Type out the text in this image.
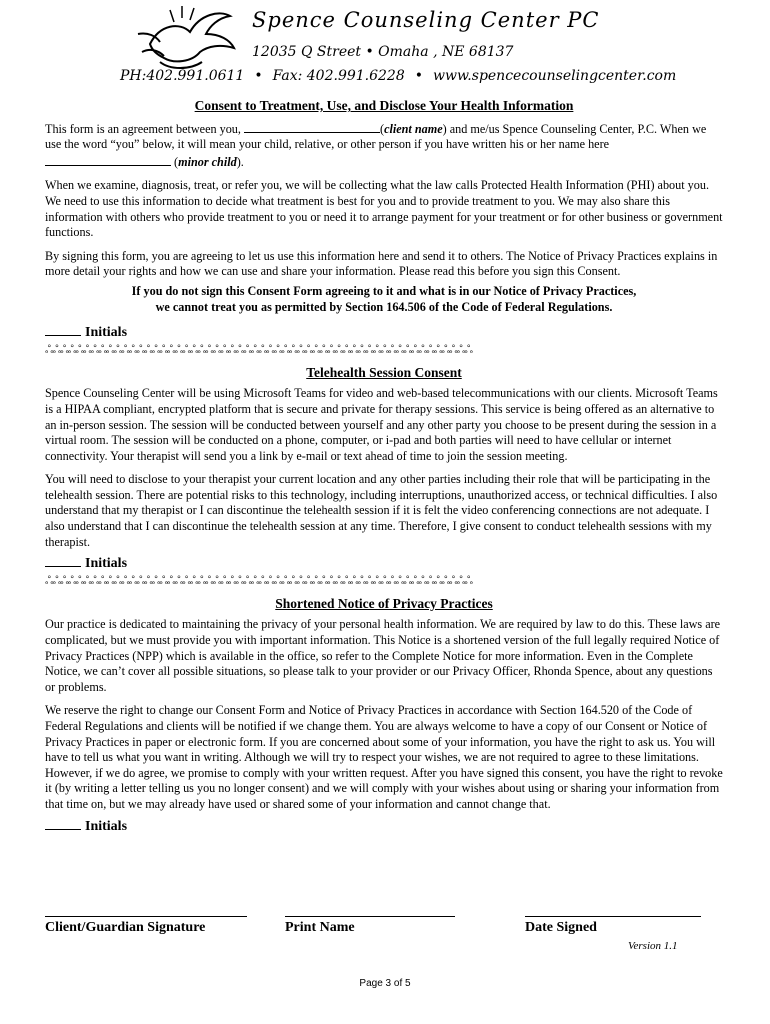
Spence Counseling Center PC
12035 Q Street • Omaha , NE 68137
PH:402.991.0611 • Fax: 402.991.6228 • www.spencecounselingcenter.com
Consent to Treatment, Use, and Disclose Your Health Information

This form is an agreement between you,	(client name) and me/us Spence Counseling Center, P.C. When we use the word “you” below, it will mean your child, relative, or other person if you have written his or her name here  (minor child).

When we examine, diagnosis, treat, or refer you, we will be collecting what the law calls Protected Health Information (PHI) about you. We need to use this information to decide what treatment is best for you and to provide treatment to you. We may also share this information with others who provide treatment to you or need it to arrange payment for your treatment or for other business or government functions.

By signing this form, you are agreeing to let us use this information here and send it to others. The Notice of Privacy Practices explains in more detail your rights and how we can use and share your information. Please read this before you sign this Consent.

If you do not sign this Consent Form agreeing to it and what is in our Notice of Privacy Practices,
we cannot treat you as permitted by Section 164.506 of the Code of Federal Regulations.
Initials
ஃஃஃஃஃஃஃஃஃஃஃஃஃஃஃஃஃஃஃஃஃஃஃஃஃஃஃஃஃஃஃஃஃஃஃஃஃஃஃஃஃஃஃஃஃஃஃஃஃஃஃஃஃஃஃஃ
Telehealth Session Consent

Spence Counseling Center will be using Microsoft Teams for video and web-based telecommunications with our clients. Microsoft Teams is a HIPAA compliant, encrypted platform that is secure and private for therapy sessions. This service is being offered as an alternative to an in-person session. The session will be conducted between yourself and any other party you choose to be present during the session in a virtual room. The session will be conducted on a phone, computer, or i-pad and both parties will need to have cellular or internet connectivity. Your therapist will send you a link by e-mail or text ahead of time to join the session meeting.

You will need to disclose to your therapist your current location and any other parties including their role that will be participating in the telehealth session. There are potential risks to this technology, including interruptions, unauthorized access, or technical difficulties. I also understand that my therapist or I can discontinue the telehealth session if it is felt the video conferencing connections are not adequate. I also understand that I can discontinue the telehealth session at any time. Therefore, I give consent to conduct telehealth sessions with my therapist.

Initials
ஃஃஃஃஃஃஃஃஃஃஃஃஃஃஃஃஃஃஃஃஃஃஃஃஃஃஃஃஃஃஃஃஃஃஃஃஃஃஃஃஃஃஃஃஃஃஃஃஃஃஃஃஃஃஃஃ
Shortened Notice of Privacy Practices

Our practice is dedicated to maintaining the privacy of your personal health information. We are required by law to do this. These laws are complicated, but we must provide you with important information. This Notice is a shortened version of the full legally required Notice of Privacy Practices (NPP) which is available in the office, so refer to the Complete Notice for more information. Even in the Complete Notice, we can’t cover all possible situations, so please talk to your provider or our Privacy Officer, Rhonda Spence, about any questions or problems.

We reserve the right to change our Consent Form and Notice of Privacy Practices in accordance with Section 164.520 of the Code of Federal Regulations and clients will be notified if we change them. You are always welcome to have a copy of our Consent or Notice of Privacy Practices in paper or electronic form. If you are concerned about some of your information, you have the right to ask us. You will have to tell us what you want in writing. Although we will try to respect your wishes, we are not required to agree to these limitations. However, if we do agree, we promise to comply with your written request. After you have signed this consent, you have the right to revoke it (by writing a letter telling us you no longer consent) and we will comply with your wishes about using or sharing your information from that time on, but we may already have used or shared some of your information and cannot change that.

Initials
Client/Guardian Signature	Print Name	Date Signed
Version 1.1
Page 3 of 5
